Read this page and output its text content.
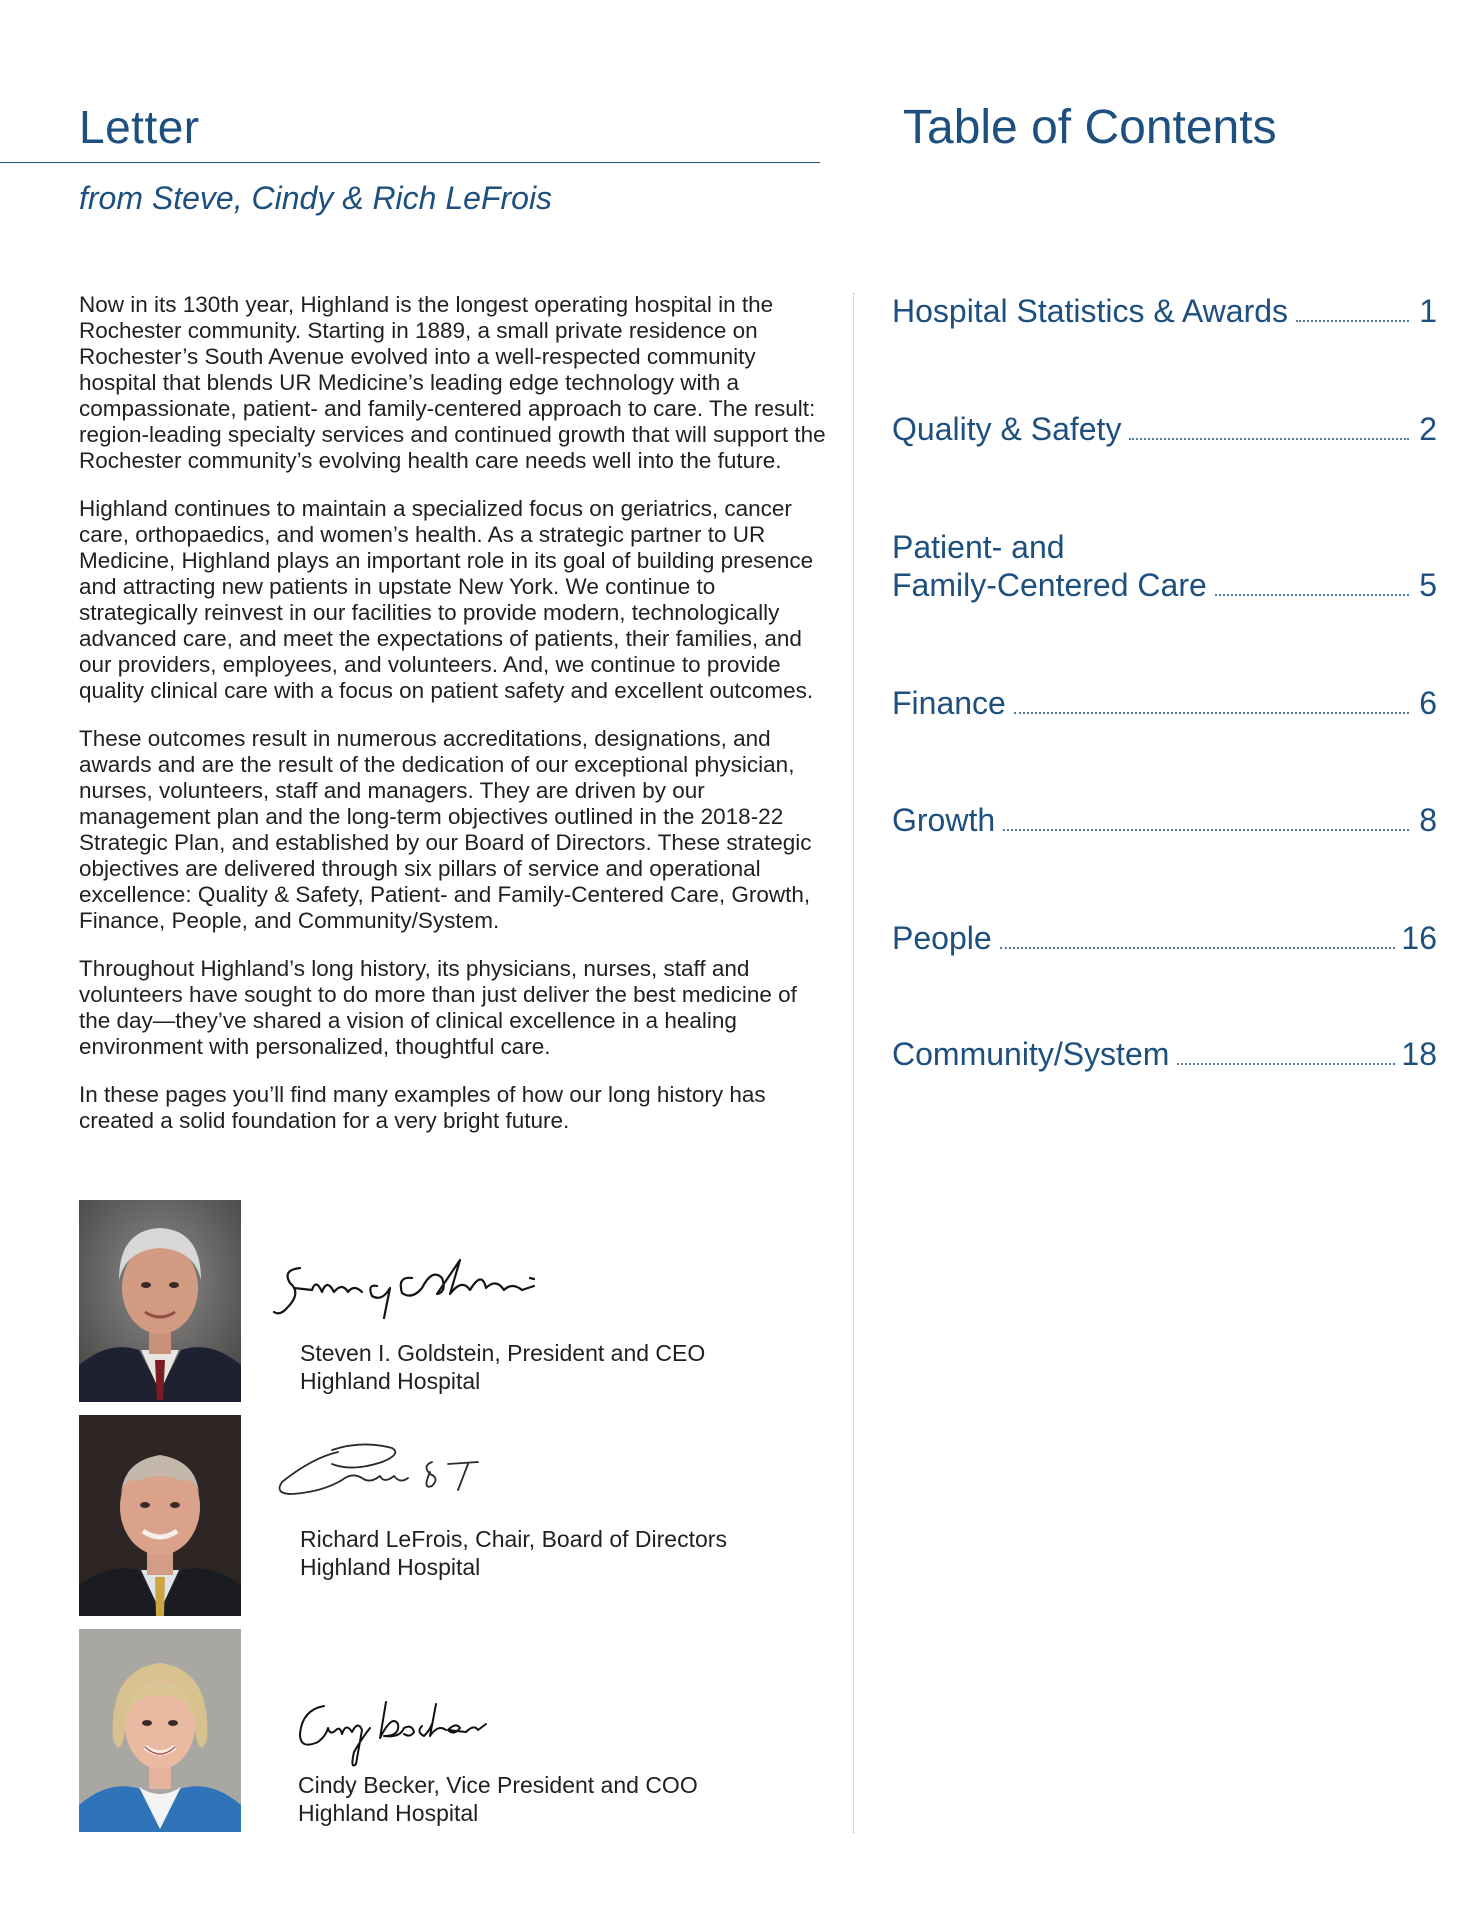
Letter
from Steve, Cindy & Rich LeFrois

Now in its 130th year, Highland is the longest operating hospital in the Rochester community. Starting in 1889, a small private residence on Rochester’s South Avenue evolved into a well-respected community hospital that blends UR Medicine’s leading edge technology with a compassionate, patient- and family-centered approach to care. The result: region-leading specialty services and continued growth that will support the Rochester community’s evolving health care needs well into the future.

Highland continues to maintain a specialized focus on geriatrics, cancer care, orthopaedics, and women’s health. As a strategic partner to UR Medicine, Highland plays an important role in its goal of building presence and attracting new patients in upstate New York. We continue to strategically reinvest in our facilities to provide modern, technologically advanced care, and meet the expectations of patients, their families, and our providers, employees, and volunteers. And, we continue to provide quality clinical care with a focus on patient safety and excellent outcomes.

These outcomes result in numerous accreditations, designations, and awards and are the result of the dedication of our exceptional physician, nurses, volunteers, staff and managers. They are driven by our management plan and the long-term objectives outlined in the 2018-22 Strategic Plan, and established by our Board of Directors. These strategic objectives are delivered through six pillars of service and operational excellence: Quality & Safety, Patient- and Family-Centered Care, Growth, Finance, People, and Community/System.

Throughout Highland’s long history, its physicians, nurses, staff and volunteers have sought to do more than just deliver the best medicine of the day—they’ve shared a vision of clinical excellence in a healing environment with personalized, thoughtful care.

In these pages you’ll find many examples of how our long history has created a solid foundation for a very bright future.

Steven I. Goldstein, President and CEO
Highland Hospital
Richard LeFrois, Chair, Board of Directors
Highland Hospital
Cindy Becker, Vice President and COO
Highland Hospital
Table of Contents
Hospital Statistics & Awards	1
Quality & Safety	2
Patient- and
Family-Centered Care	5
Finance	6
Growth	8
People	16
Community/System	18
